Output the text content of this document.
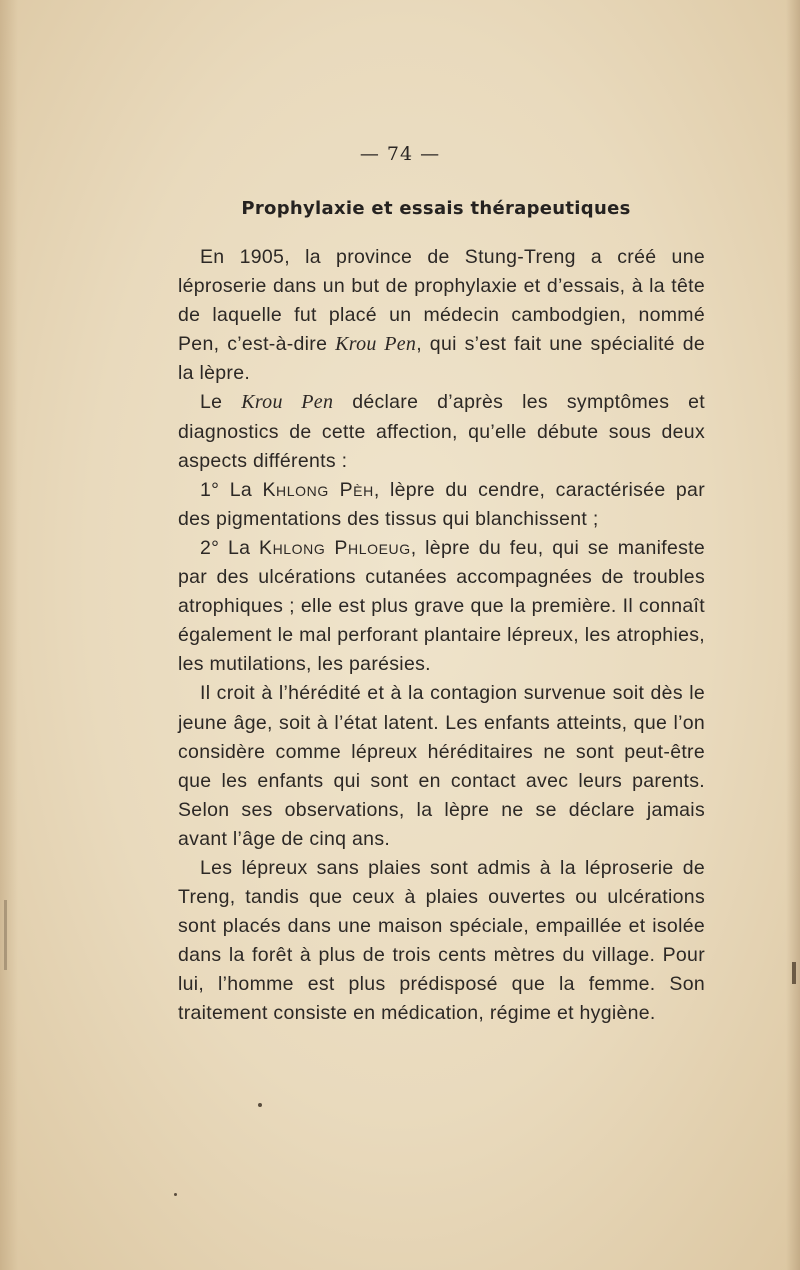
— 74 —
Prophylaxie et essais thérapeutiques

En 1905, la province de Stung-Treng a créé une léproserie dans un but de prophylaxie et d’essais, à la tête de laquelle fut placé un médecin cambodgien, nommé Pen, c’est-à-dire Krou Pen, qui s’est fait une spécialité de la lèpre.

Le Krou Pen déclare d’après les symptômes et diagnostics de cette affection, qu’elle débute sous deux aspects différents :

1° La Khlong Pèh, lèpre du cendre, caractérisée par des pigmentations des tissus qui blanchissent ;

2° La Khlong Phloeug, lèpre du feu, qui se manifeste par des ulcérations cutanées accompagnées de troubles atrophiques ; elle est plus grave que la première. Il connaît également le mal perforant plantaire lépreux, les atrophies, les mutilations, les parésies.

Il croit à l’hérédité et à la contagion survenue soit dès le jeune âge, soit à l’état latent. Les enfants atteints, que l’on considère comme lépreux héréditaires ne sont peut-être que les enfants qui sont en contact avec leurs parents. Selon ses observations, la lèpre ne se déclare jamais avant l’âge de cinq ans.

Les lépreux sans plaies sont admis à la léproserie de Treng, tandis que ceux à plaies ouvertes ou ulcérations sont placés dans une maison spéciale, empaillée et isolée dans la forêt à plus de trois cents mètres du village. Pour lui, l’homme est plus prédisposé que la femme. Son traitement consiste en médication, régime et hygiène.
